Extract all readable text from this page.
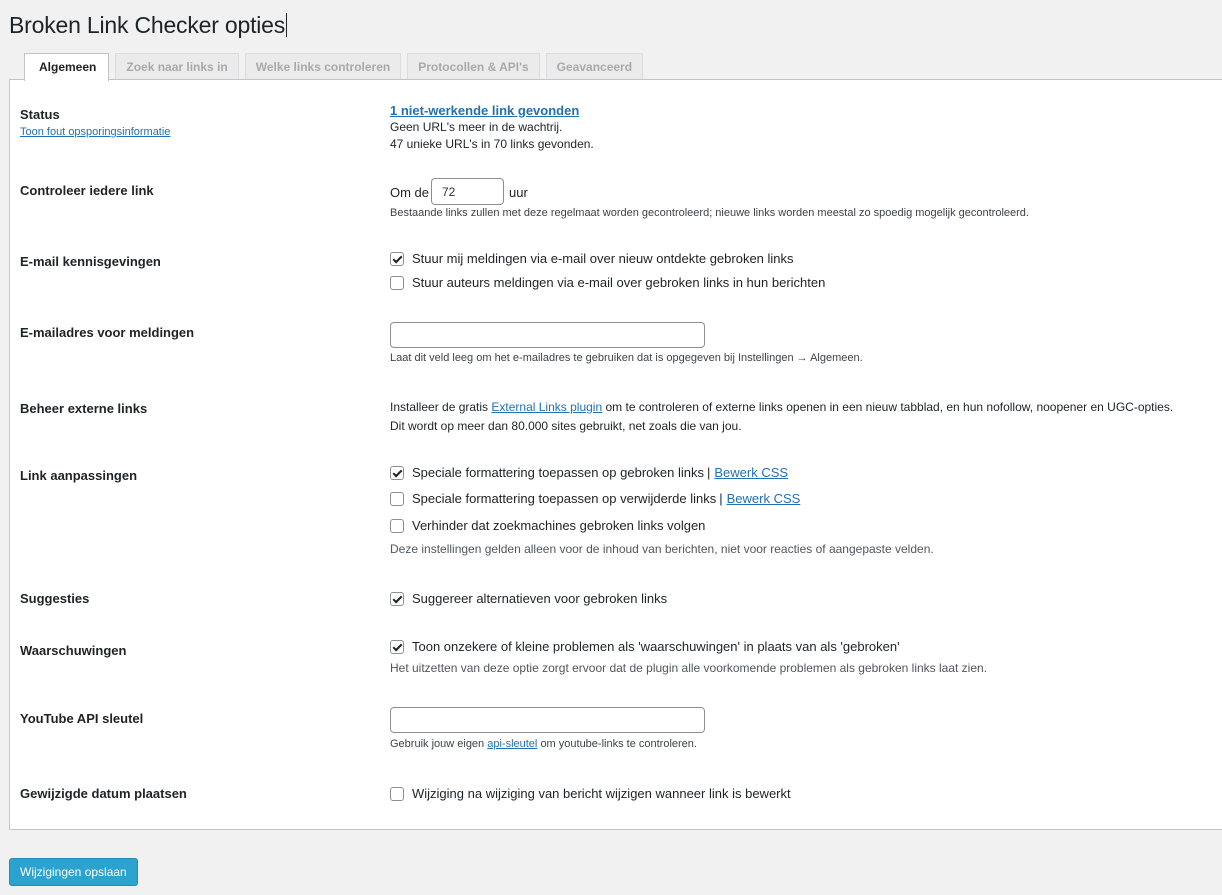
Broken Link Checker opties
Algemeen	Zoek naar links in	Welke links controleren	Protocollen & API's	Geavanceerd
Status
Toon fout opsporingsinformatie
1 niet-werkende link gevonden
Geen URL's meer in de wachtrij.
47 unieke URL's in 70 links gevonden.
Controleer iedere link	Om de
72	uur
Bestaande links zullen met deze regelmaat worden gecontroleerd; nieuwe links worden meestal zo spoedig mogelijk gecontroleerd.
E-mail kennisgevingen	Stuur mij meldingen via e-mail over nieuw ontdekte gebroken links
Stuur auteurs meldingen via e-mail over gebroken links in hun berichten
E-mailadres voor meldingen
Laat dit veld leeg om het e-mailadres te gebruiken dat is opgegeven bij Instellingen → Algemeen.
Beheer externe links	Installeer de gratis External Links plugin om te controleren of externe links openen in een nieuw tabblad, en hun nofollow, noopener en UGC-opties.
Dit wordt op meer dan 80.000 sites gebruikt, net zoals die van jou.
Link aanpassingen	Speciale formattering toepassen op gebroken links | Bewerk CSS
Speciale formattering toepassen op verwijderde links | Bewerk CSS
Verhinder dat zoekmachines gebroken links volgen
Deze instellingen gelden alleen voor de inhoud van berichten, niet voor reacties of aangepaste velden.
Suggesties	Suggereer alternatieven voor gebroken links
Waarschuwingen	Toon onzekere of kleine problemen als 'waarschuwingen' in plaats van als 'gebroken'
Het uitzetten van deze optie zorgt ervoor dat de plugin alle voorkomende problemen als gebroken links laat zien.
YouTube API sleutel
Gebruik jouw eigen api-sleutel om youtube-links te controleren.
Gewijzigde datum plaatsen	Wijziging na wijziging van bericht wijzigen wanneer link is bewerkt
Wijzigingen opslaan
